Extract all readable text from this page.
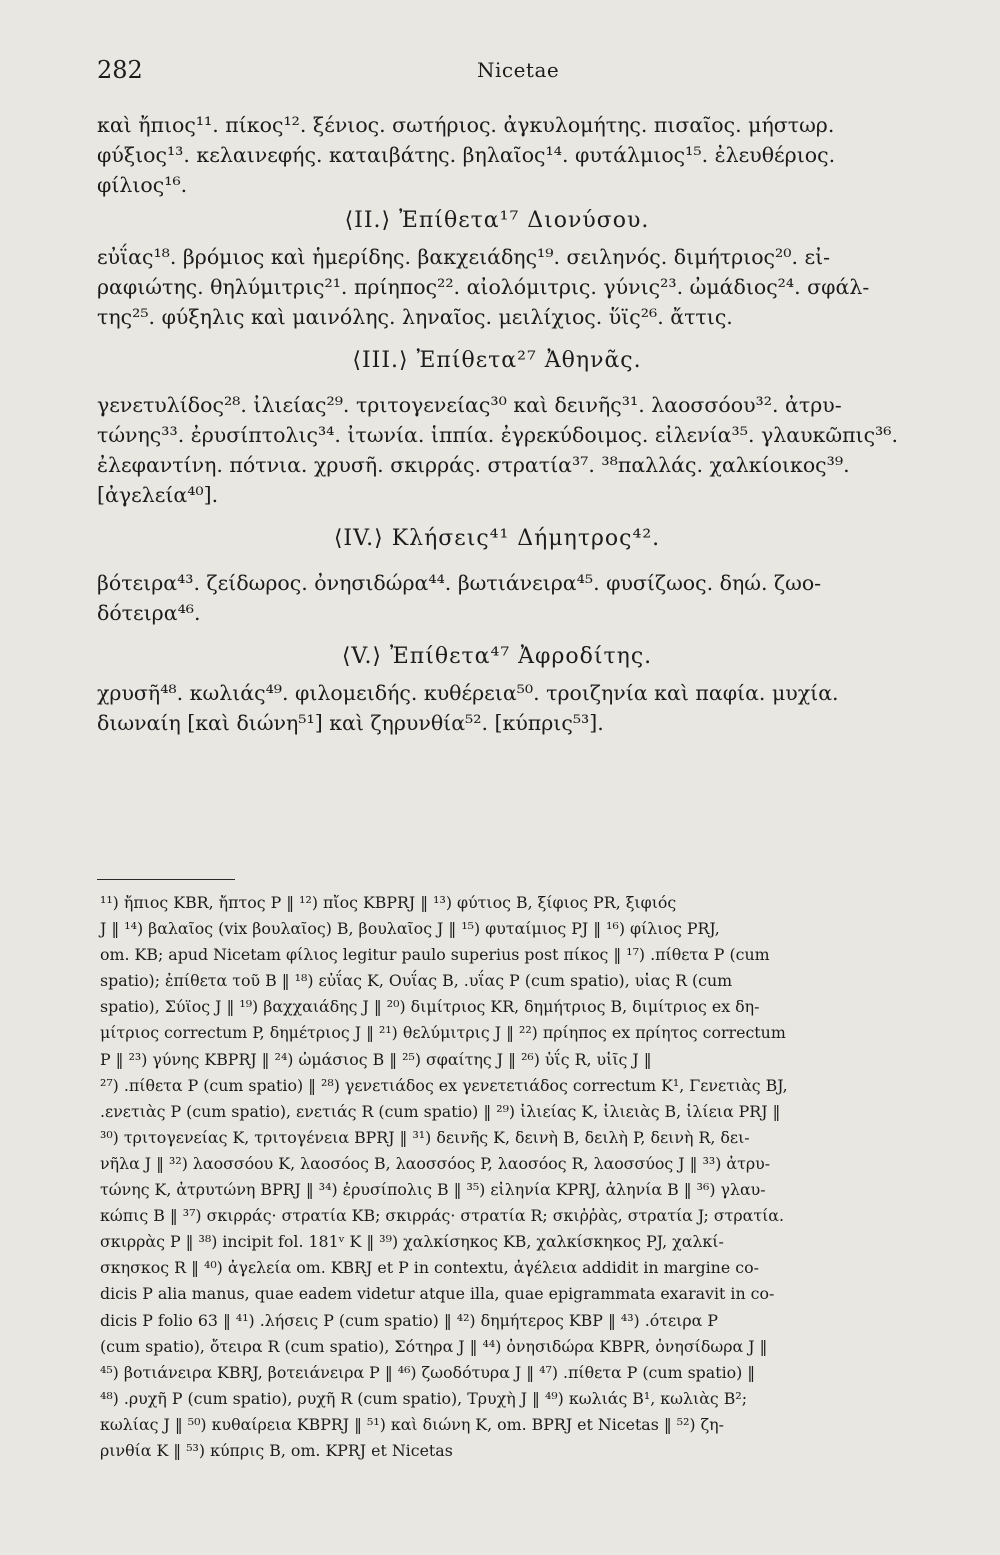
282	Nicetae
καὶ ἤπιος¹¹. πίκος¹². ξένιος. σωτήριος. ἀγκυλομήτης. πισαῖος. μήστωρ.
φύξιος¹³. κελαινεφής. καταιβάτης. βηλαῖος¹⁴. φυτάλμιος¹⁵. ἐλευθέριος.
φίλιος¹⁶.
⟨II.⟩ Ἐπίθετα¹⁷ Διονύσου.
εὐΐας¹⁸. βρόμιος καὶ ἡμερίδης. βακχειάδης¹⁹. σειληνός. διμήτριος²⁰. εἰ-
ραφιώτης. θηλύμιτρις²¹. πρίηπος²². αἰολόμιτρις. γύνις²³. ὠμάδιος²⁴. σφάλ-
της²⁵. φύξηλις καὶ μαινόλης. ληναῖος. μειλίχιος. ὕϊς²⁶. ἄττις.
⟨III.⟩ Ἐπίθετα²⁷ Ἀθηνᾶς.
γενετυλίδος²⁸. ἰλιείας²⁹. τριτογενείας³⁰ καὶ δεινῆς³¹. λαοσσόου³². ἀτρυ-
τώνης³³. ἐρυσίπτολις³⁴. ἰτωνία. ἱππία. ἐγρεκύδοιμος. εἰλενία³⁵. γλαυκῶπις³⁶.
ἐλεφαντίνη. πότνια. χρυσῆ. σκιρράς. στρατία³⁷. ³⁸παλλάς. χαλκίοικος³⁹.
[ἀγελεία⁴⁰].
⟨IV.⟩ Κλήσεις⁴¹ Δήμητρος⁴².
βότειρα⁴³. ζείδωρος. ὀνησιδώρα⁴⁴. βωτιάνειρα⁴⁵. φυσίζωος. δηώ. ζωο-
δότειρα⁴⁶.
⟨V.⟩ Ἐπίθετα⁴⁷ Ἀφροδίτης.
χρυσῆ⁴⁸. κωλιάς⁴⁹. φιλομειδής. κυθέρεια⁵⁰. τροιζηνία καὶ παφία. μυχία.
διωναίη [καὶ διώνη⁵¹] καὶ ζηρυνθία⁵². [κύπρις⁵³].
¹¹) ἤπιος KBR, ἤπτος P ‖ ¹²) πἴος KBPRJ ‖ ¹³) φύτιος B, ξίφιος PR, ξιφιός
J ‖ ¹⁴) βαλαῖος (vix βουλαῖος) B, βουλαῖος J ‖ ¹⁵) φυταίμιος PJ ‖ ¹⁶) φίλιος PRJ,
om. KB; apud Nicetam φίλιος legitur paulo superius post πίκος ‖ ¹⁷) .πίθετα P (cum
spatio); ἐπίθετα τοῦ B ‖ ¹⁸) εὐΐας K, Ουΐας B, .υΐας P (cum spatio), υἱας R (cum
spatio), Σύϊος J ‖ ¹⁹) βαχχαιάδης J ‖ ²⁰) διμίτριος KR, δημήτριος B, διμίτριος ex δη-
μίτριος correctum P, δημέτριος J ‖ ²¹) θελύμιτρις J ‖ ²²) πρίηπος ex πρίητος correctum
P ‖ ²³) γύνης KBPRJ ‖ ²⁴) ὠμάσιος B ‖ ²⁵) σφαίτης J ‖ ²⁶) ὑΐς R, υἱῖς J ‖
²⁷) .πίθετα P (cum spatio) ‖ ²⁸) γενετιάδος ex γενετετιάδος correctum K¹, Γενετιὰς BJ,
.ενετιὰς P (cum spatio), ενετιάς R (cum spatio) ‖ ²⁹) ἰλιείας K, ἰλιειὰς B, ἰλίεια PRJ ‖
³⁰) τριτογενείας K, τριτογένεια BPRJ ‖ ³¹) δεινῆς K, δεινὴ B, δειλὴ P, δεινὴ R, δει-
νῆλα J ‖ ³²) λαοσσόου K, λαοσόος B, λαοσσόος P, λαοσόος R, λαοσσύος J ‖ ³³) ἀτρυ-
τώνης K, ἀτρυτώνη BPRJ ‖ ³⁴) ἐρυσίπολις B ‖ ³⁵) εἰληνία KPRJ, ἀληνία B ‖ ³⁶) γλαυ-
κώπις B ‖ ³⁷) σκιρράς· στρατία KB; σκιρράς· στρατία R; σκιῤῥὰς, στρατία J; στρατία.
σκιρρὰς P ‖ ³⁸) incipit fol. 181ᵛ K ‖ ³⁹) χαλκίσηκος KB, χαλκίσκηκος PJ, χαλκί-
σκησκος R ‖ ⁴⁰) ἀγελεία om. KBRJ et P in contextu, ἀγέλεια addidit in margine co-
dicis P alia manus, quae eadem videtur atque illa, quae epigrammata exaravit in co-
dicis P folio 63 ‖ ⁴¹) .λήσεις P (cum spatio) ‖ ⁴²) δημήτερος KBP ‖ ⁴³) .ότειρα P
(cum spatio), ὄτειρα R (cum spatio), Σότηρα J ‖ ⁴⁴) ὀνησιδώρα KBPR, ὀνησίδωρα J ‖
⁴⁵) βοτιάνειρα KBRJ, βοτειάνειρα P ‖ ⁴⁶) ζωοδότυρα J ‖ ⁴⁷) .πίθετα P (cum spatio) ‖
⁴⁸) .ρυχῆ P (cum spatio), ρυχῆ R (cum spatio), Τρυχὴ J ‖ ⁴⁹) κωλιάς B¹, κωλιὰς B²;
κωλίας J ‖ ⁵⁰) κυθαίρεια KBPRJ ‖ ⁵¹) καὶ διώνη K, om. BPRJ et Nicetas ‖ ⁵²) ζη-
ρινθία K ‖ ⁵³) κύπρις B, om. KPRJ et Nicetas
